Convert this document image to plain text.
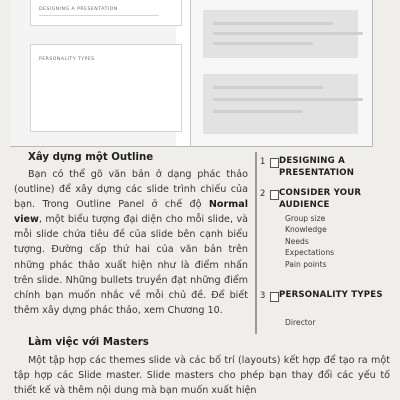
DESIGNING A PRESENTATION
PERSONALITY TYPES
Xây dựng một Outline

Bạn có thể gõ văn bản ở dạng phác thảo (outline) để xây dựng các slide trình chiếu của bạn. Trong Outline Panel ở chế độ Normal view, một biểu tượng đại diện cho mỗi slide, và mỗi slide chứa tiêu đề của slide bên cạnh biểu tượng. Đường cấp thứ hai của văn bản trên những phác thảo xuất hiện như là điểm nhấn trên slide. Những bullets truyền đạt những điểm chính bạn muốn nhắc về mỗi chủ đề. Để biết thêm xây dựng phác thảo, xem Chương 10.

1 DESIGNING A PRESENTATION
2 CONSIDER YOUR AUDIENCE
Group size
Knowledge
Needs
Expectations
Pain points
3 PERSONALITY TYPES
Director
Làm việc với Masters

Một tập hợp các themes slide và các bố trí (layouts) kết hợp để tạo ra một tập hợp các Slide master. Slide masters cho phép bạn thay đổi các yếu tố thiết kế và thêm nội dung mà bạn muốn xuất hiện
